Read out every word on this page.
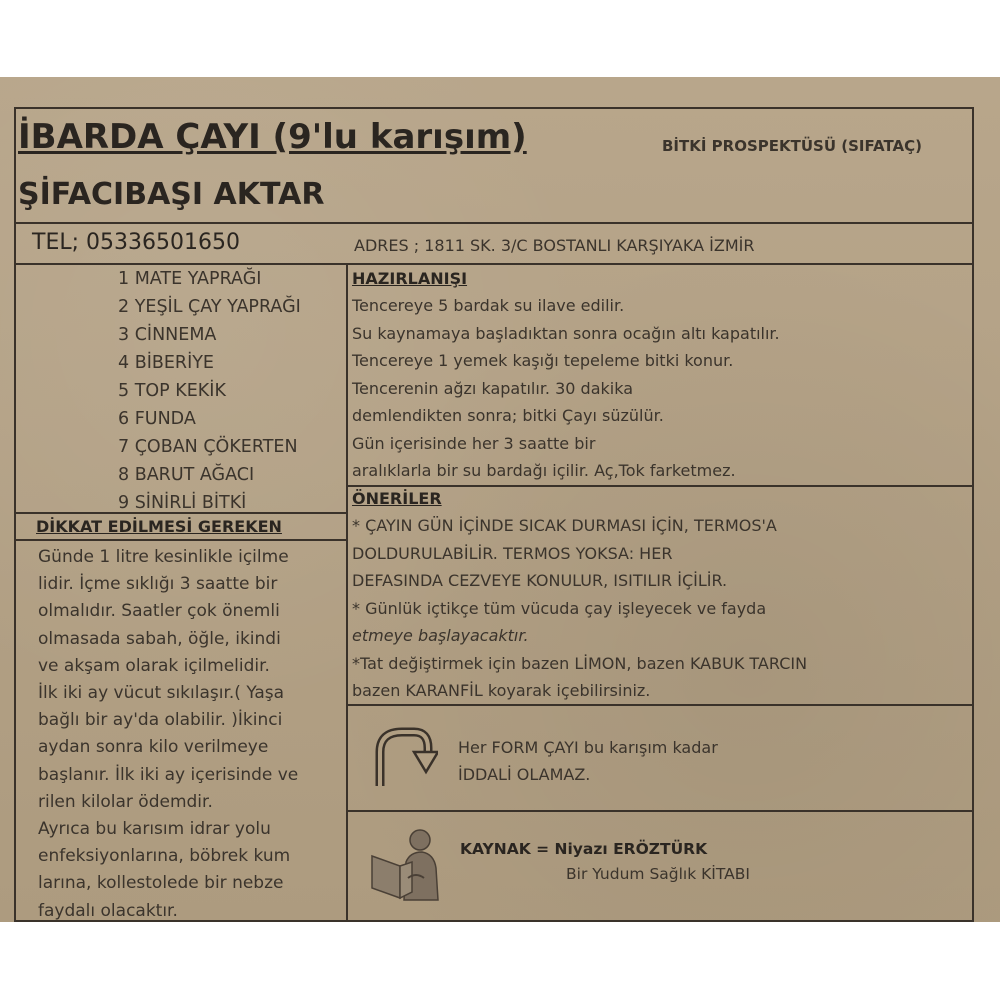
İBARDA ÇAYI (9'lu karışım)	BİTKİ PROSPEKTÜSÜ (SIFATAÇ)
ŞİFACIBAŞI AKTAR
TEL; 05336501650	ADRES ; 1811 SK. 3/C BOSTANLI KARŞIYAKA İZMİR
1 MATE YAPRAĞI
2 YEŞİL ÇAY YAPRAĞI
3 CİNNEMA
4 BİBERİYE
5 TOP KEKİK
6 FUNDA
7 ÇOBAN ÇÖKERTEN
8 BARUT AĞACI
9 SİNİRLİ BİTKİ
DİKKAT EDİLMESİ GEREKEN
Günde 1 litre kesinlikle içilme
lidir. İçme sıklığı 3 saatte bir
olmalıdır. Saatler çok önemli
olmasada sabah, öğle, ikindi
ve akşam olarak içilmelidir.
İlk iki ay vücut sıkılaşır.( Yaşa
bağlı bir ay'da olabilir. )İkinci
aydan sonra kilo verilmeye
başlanır. İlk iki ay içerisinde ve
rilen kilolar ödemdir.
Ayrıca bu karısım idrar yolu
enfeksiyonlarına, böbrek kum
larına, kollestolede bir nebze
faydalı olacaktır.
HAZIRLANIŞI
Tencereye 5 bardak su ilave edilir.
Su kaynamaya başladıktan sonra ocağın altı kapatılır.
Tencereye 1 yemek kaşığı tepeleme bitki konur.
Tencerenin ağzı kapatılır. 30 dakika
demlendikten sonra; bitki Çayı süzülür.
Gün içerisinde her 3 saatte bir
aralıklarla bir su bardağı içilir. Aç,Tok farketmez.
ÖNERİLER
* ÇAYIN GÜN İÇİNDE SICAK DURMASI İÇİN, TERMOS'A
DOLDURULABİLİR. TERMOS YOKSA: HER
DEFASINDA CEZVEYE KONULUR, ISITILIR İÇİLİR.
* Günlük içtikçe tüm vücuda çay işleyecek ve fayda
etmeye başlayacaktır.
*Tat değiştirmek için bazen LİMON, bazen KABUK TARCIN
bazen KARANFİL koyarak içebilirsiniz.
Her FORM ÇAYI bu karışım kadar
İDDALİ OLAMAZ.
KAYNAK = Niyazı ERÖZTÜRK
Bir Yudum Sağlık KİTABI
